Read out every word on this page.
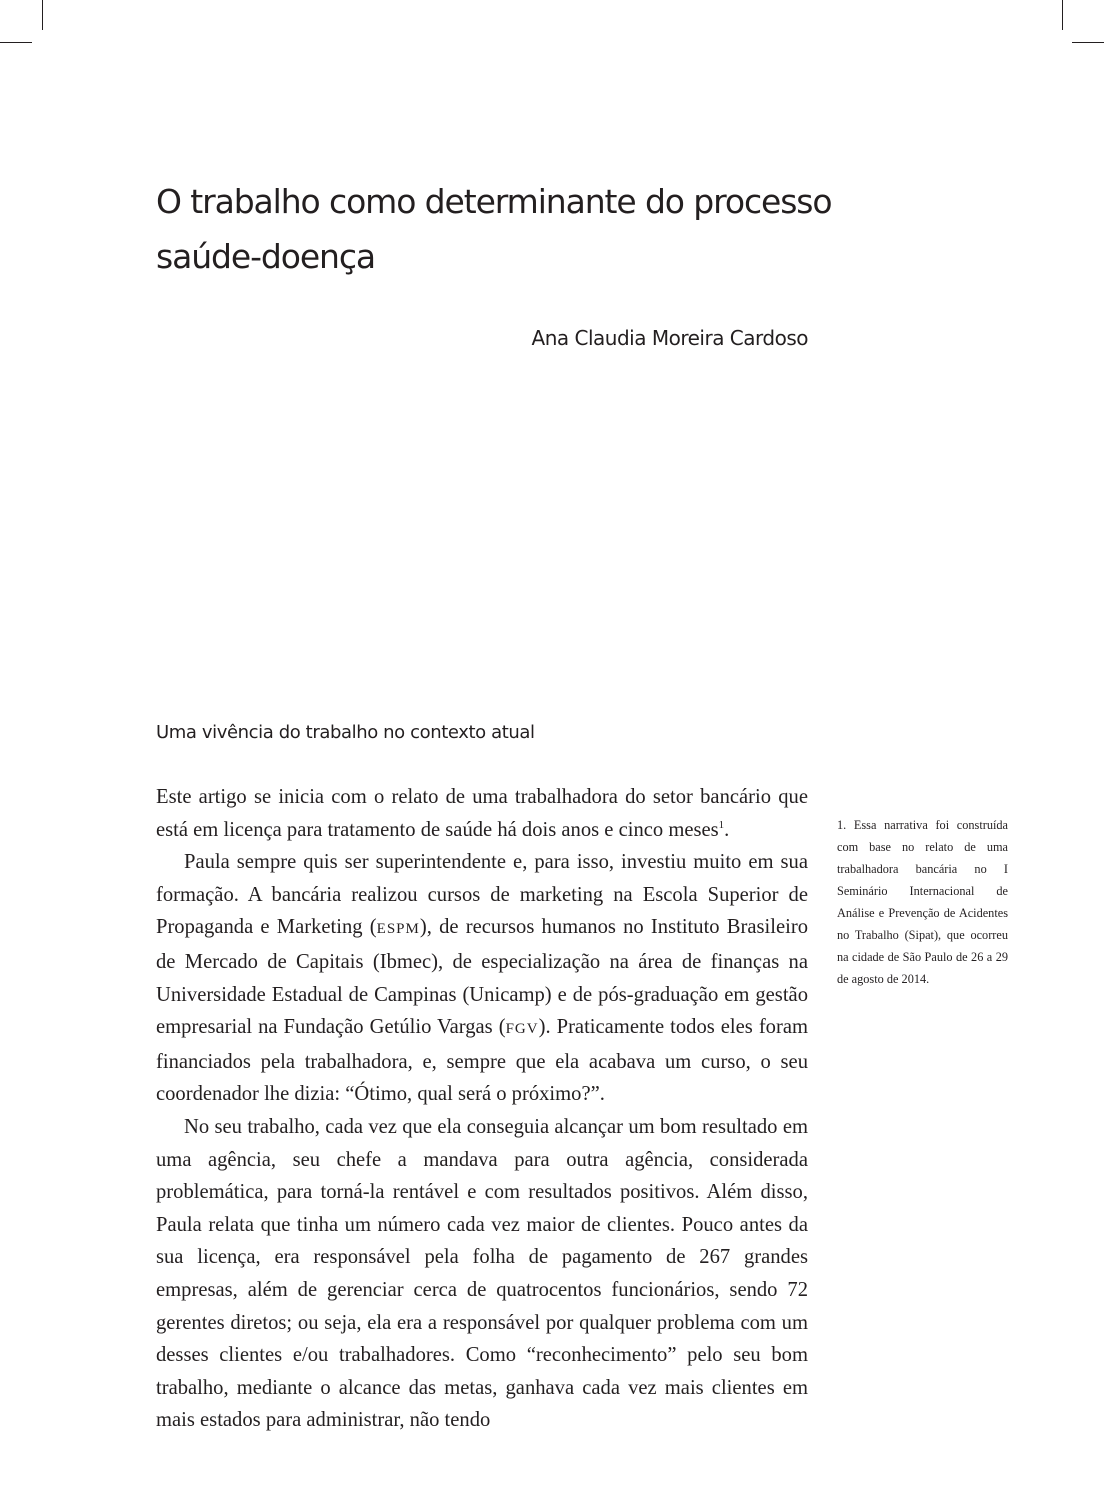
O trabalho como determinante do processo saúde-doença
Ana Claudia Moreira Cardoso
Uma vivência do trabalho no contexto atual

Este artigo se inicia com o relato de uma trabalhadora do setor bancário que está em licença para tratamento de saúde há dois anos e cinco meses$^1$.

Paula sempre quis ser superintendente e, para isso, investiu muito em sua formação. A bancária realizou cursos de marketing na Escola Superior de Propaganda e Marketing (ESPM), de recursos humanos no Instituto Brasileiro de Mercado de Capitais (Ibmec), de especialização na área de finanças na Universidade Estadual de Campinas (Unicamp) e de pós-graduação em gestão empresarial na Fundação Getúlio Vargas (FGV). Praticamente todos eles foram financiados pela trabalhadora, e, sempre que ela acabava um curso, o seu coordenador lhe dizia: “Ótimo, qual será o próximo?”.

No seu trabalho, cada vez que ela conseguia alcançar um bom resultado em uma agência, seu chefe a mandava para outra agência, considerada problemática, para torná-la rentável e com resultados positivos. Além disso, Paula relata que tinha um número cada vez maior de clientes. Pouco antes da sua licença, era responsável pela folha de pagamento de 267 grandes empresas, além de gerenciar cerca de quatrocentos funcionários, sendo 72 gerentes diretos; ou seja, ela era a responsável por qualquer problema com um desses clientes e/ou trabalhadores. Como “reconhecimento” pelo seu bom trabalho, mediante o alcance das metas, ganhava cada vez mais clientes em mais estados para administrar, não tendo

1. Essa narrativa foi construída com base no relato de uma trabalhadora bancária no I Seminário Internacional de Análise e Prevenção de Acidentes no Trabalho (Sipat), que ocorreu na cidade de São Paulo de 26 a 29 de agosto de 2014.
